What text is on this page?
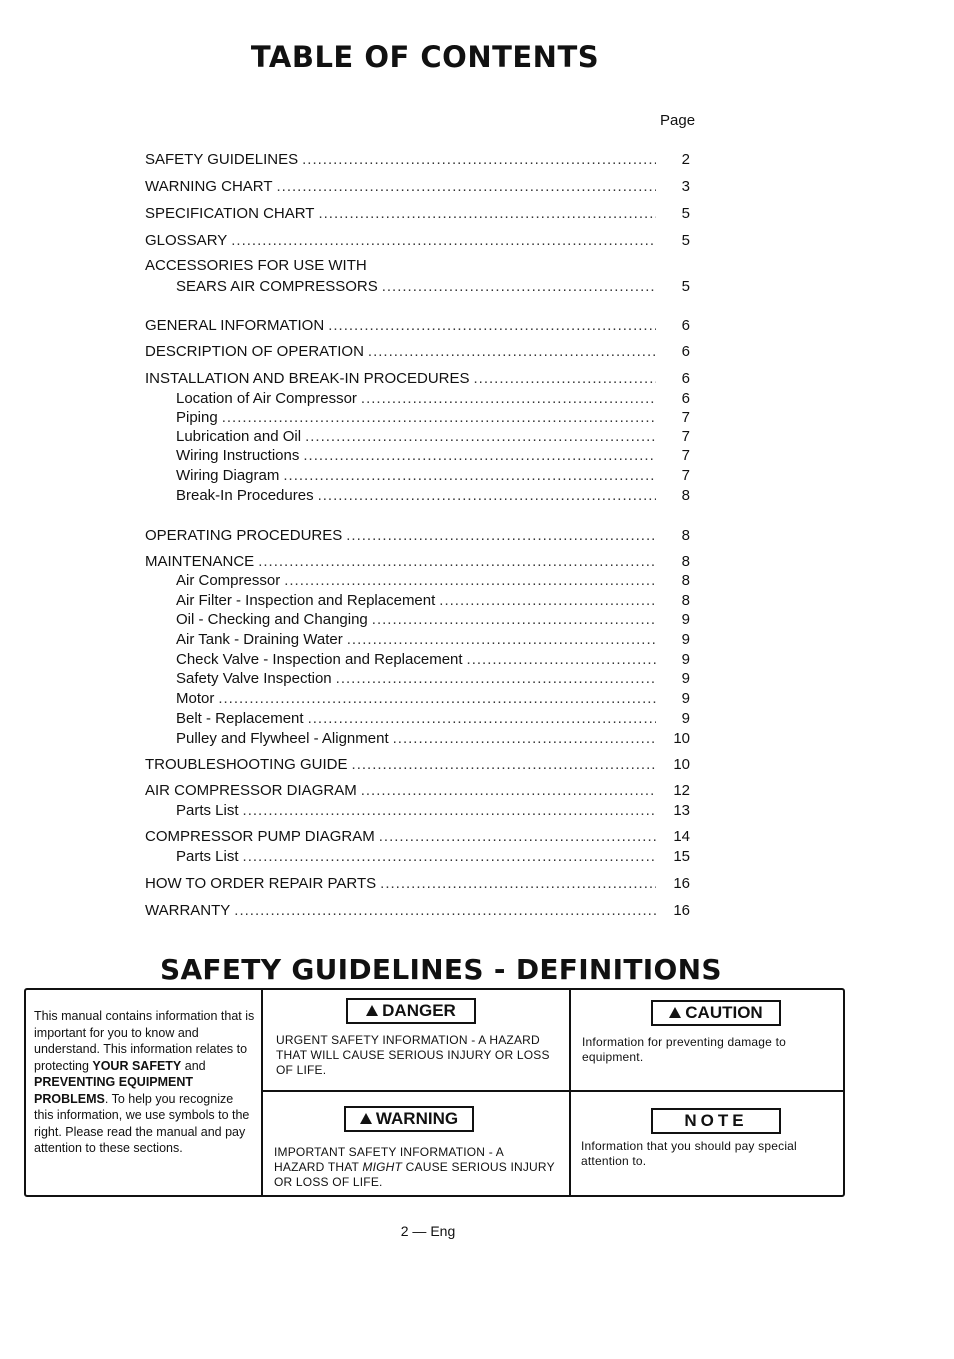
TABLE OF CONTENTS
Page
SAFETY GUIDELINES .....	2
WARNING CHART .....	3
SPECIFICATION CHART .....	5
GLOSSARY .....	5
ACCESSORIES FOR USE WITH
SEARS AIR COMPRESSORS .....	5
GENERAL INFORMATION .....	6
DESCRIPTION OF OPERATION .....	6
INSTALLATION AND BREAK-IN PROCEDURES .....	6
Location of Air Compressor .....	6
Piping .....	7
Lubrication and Oil .....	7
Wiring Instructions .....	7
Wiring Diagram .....	7
Break-In Procedures .....	8
OPERATING PROCEDURES .....	8
MAINTENANCE .....	8
Air Compressor .....	8
Air Filter - Inspection and Replacement .....	8
Oil - Checking and Changing .....	9
Air Tank - Draining Water .....	9
Check Valve - Inspection and Replacement .....	9
Safety Valve Inspection .....	9
Motor .....	9
Belt - Replacement .....	9
Pulley and Flywheel - Alignment .....	10
TROUBLESHOOTING GUIDE .....	10
AIR COMPRESSOR DIAGRAM .....	12
Parts List .....	13
COMPRESSOR PUMP DIAGRAM .....	14
Parts List .....	15
HOW TO ORDER REPAIR PARTS .....	16
WARRANTY .....	16
SAFETY GUIDELINES - DEFINITIONS
This manual contains information that is important for you to know and understand. This information relates to protecting YOUR SAFETY and PREVENTING EQUIPMENT PROBLEMS. To help you recognize this information, we use symbols to the right. Please read the manual and pay attention to these sections.
DANGER
URGENT SAFETY INFORMATION - A HAZARD THAT WILL CAUSE SERIOUS INJURY OR LOSS OF LIFE.
CAUTION
Information for preventing damage to equipment.
WARNING
IMPORTANT SAFETY INFORMATION - A HAZARD THAT MIGHT CAUSE SERIOUS INJURY OR LOSS OF LIFE.
NOTE
Information that you should pay special attention to.
2 — Eng
